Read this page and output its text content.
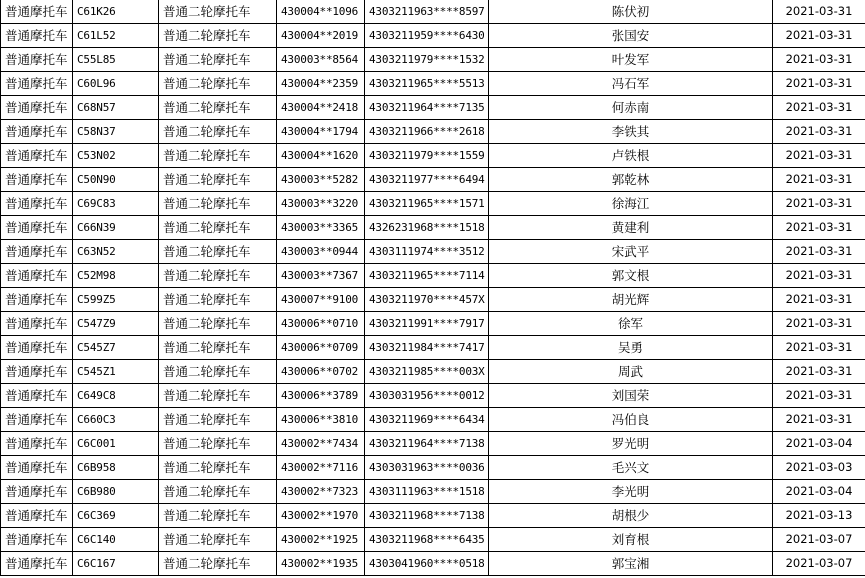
普通摩托车	C61K26	普通二轮摩托车	430004**1096	4303211963****8597	陈伏初	2021-03-31
普通摩托车	C61L52	普通二轮摩托车	430004**2019	4303211959****6430	张国安	2021-03-31
普通摩托车	C55L85	普通二轮摩托车	430003**8564	4303211979****1532	叶发军	2021-03-31
普通摩托车	C60L96	普通二轮摩托车	430004**2359	4303211965****5513	冯石军	2021-03-31
普通摩托车	C68N57	普通二轮摩托车	430004**2418	4303211964****7135	何赤南	2021-03-31
普通摩托车	C58N37	普通二轮摩托车	430004**1794	4303211966****2618	李铁其	2021-03-31
普通摩托车	C53N02	普通二轮摩托车	430004**1620	4303211979****1559	卢铁根	2021-03-31
普通摩托车	C50N90	普通二轮摩托车	430003**5282	4303211977****6494	郭乾林	2021-03-31
普通摩托车	C69C83	普通二轮摩托车	430003**3220	4303211965****1571	徐海江	2021-03-31
普通摩托车	C66N39	普通二轮摩托车	430003**3365	4326231968****1518	黄建利	2021-03-31
普通摩托车	C63N52	普通二轮摩托车	430003**0944	4303111974****3512	宋武平	2021-03-31
普通摩托车	C52M98	普通二轮摩托车	430003**7367	4303211965****7114	郭文根	2021-03-31
普通摩托车	C599Z5	普通二轮摩托车	430007**9100	4303211970****457X	胡光辉	2021-03-31
普通摩托车	C547Z9	普通二轮摩托车	430006**0710	4303211991****7917	徐军	2021-03-31
普通摩托车	C545Z7	普通二轮摩托车	430006**0709	4303211984****7417	吴勇	2021-03-31
普通摩托车	C545Z1	普通二轮摩托车	430006**0702	4303211985****003X	周武	2021-03-31
普通摩托车	C649C8	普通二轮摩托车	430006**3789	4303031956****0012	刘国荣	2021-03-31
普通摩托车	C660C3	普通二轮摩托车	430006**3810	4303211969****6434	冯伯良	2021-03-31
普通摩托车	C6C001	普通二轮摩托车	430002**7434	4303211964****7138	罗光明	2021-03-04
普通摩托车	C6B958	普通二轮摩托车	430002**7116	4303031963****0036	毛兴文	2021-03-03
普通摩托车	C6B980	普通二轮摩托车	430002**7323	4303111963****1518	李光明	2021-03-04
普通摩托车	C6C369	普通二轮摩托车	430002**1970	4303211968****7138	胡根少	2021-03-13
普通摩托车	C6C140	普通二轮摩托车	430002**1925	4303211968****6435	刘育根	2021-03-07
普通摩托车	C6C167	普通二轮摩托车	430002**1935	4303041960****0518	郭宝湘	2021-03-07
